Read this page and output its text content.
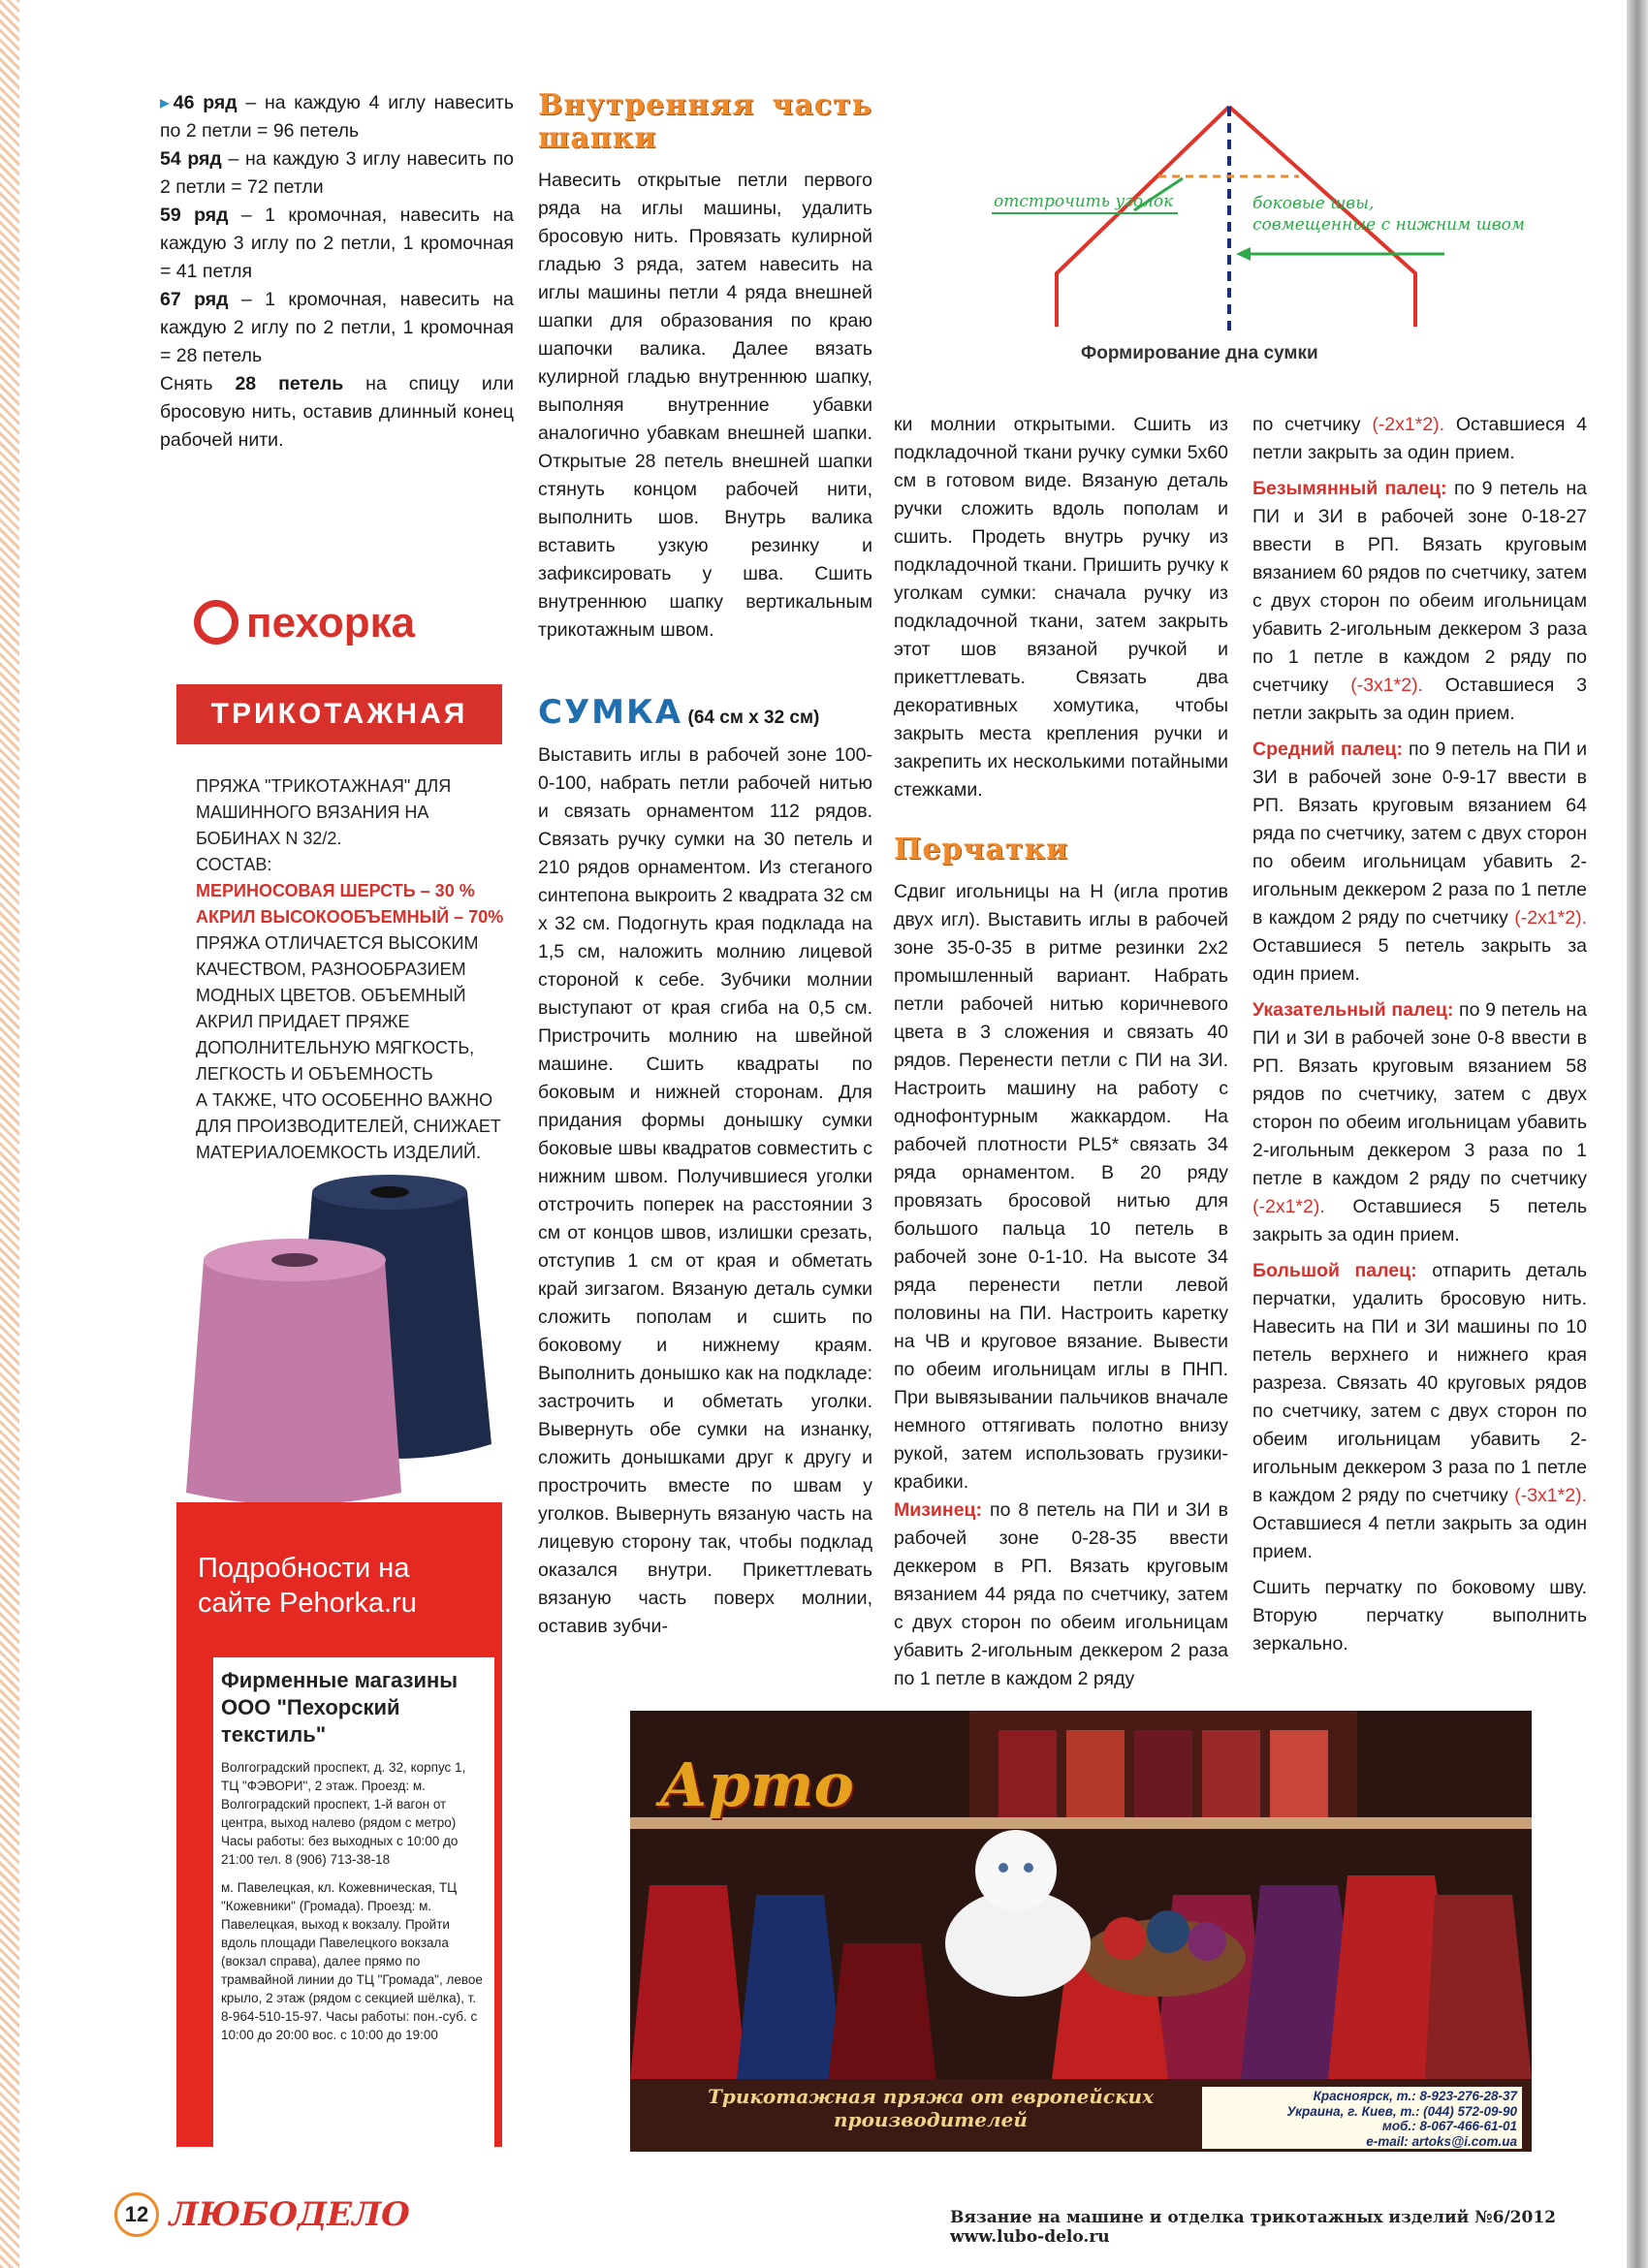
▸ 46 ряд – на каждую 4 иглу навесить по 2 петли = 96 петель

54 ряд – на каждую 3 иглу навесить по 2 петли = 72 петли

59 ряд – 1 кромочная, навесить на каждую 3 иглу по 2 петли, 1 кромочная = 41 петля

67 ряд – 1 кромочная, навесить на каждую 2 иглу по 2 петли, 1 кромочная = 28 петель

Снять 28 петель на спицу или бросовую нить, оставив длинный конец рабочей нити.

Внутренняя часть шапки

Навесить открытые петли первого ряда на иглы машины, удалить бросовую нить. Провязать кулирной гладью 3 ряда, затем навесить на иглы машины петли 4 ряда внешней шапки для образования по краю шапочки валика. Далее вязать кулирной гладью внутреннюю шапку, выполняя внутренние убавки аналогично убавкам внешней шапки. Открытые 28 петель внешней шапки стянуть концом рабочей нити, выполнить шов. Внутрь валика вставить узкую резинку и зафиксировать у шва. Сшить внутреннюю шапку вертикальным трикотажным швом.

СУМКА (64 см х 32 см)

Выставить иглы в рабочей зоне 100-0-100, набрать петли рабочей нитью и связать орнаментом 112 рядов. Связать ручку сумки на 30 петель и 210 рядов орнаментом. Из стеганого синтепона выкроить 2 квадрата 32 см х 32 см. Подогнуть края подклада на 1,5 см, наложить молнию лицевой стороной к себе. Зубчики молнии выступают от края сгиба на 0,5 см. Пристрочить молнию на швейной машине. Сшить квадраты по боковым и нижней сторонам. Для придания формы донышку сумки боковые швы квадратов совместить с нижним швом. Получившиеся уголки отстрочить поперек на расстоянии 3 см от концов швов, излишки срезать, отступив 1 см от края и обметать край зигзагом. Вязаную деталь сумки сложить пополам и сшить по боковому и нижнему краям. Выполнить донышко как на подкладе: застрочить и обметать уголки. Вывернуть обе сумки на изнанку, сложить донышками друг к другу и прострочить вместе по швам у уголков. Вывернуть вязаную часть на лицевую сторону так, чтобы подклад оказался внутри. Прикеттлевать вязаную часть поверх молнии, оставив зубчи-

отстрочить уголок	боковые швы,
совмещенные с нижним швом
Формирование дна сумки

ки молнии открытыми. Сшить из подкладочной ткани ручку сумки 5х60 см в готовом виде. Вязаную деталь ручки сложить вдоль пополам и сшить. Продеть внутрь ручку из подкладочной ткани. Пришить ручку к уголкам сумки: сначала ручку из подкладочной ткани, затем закрыть этот шов вязаной ручкой и прикеттлевать. Связать два декоративных хомутика, чтобы закрыть места крепления ручки и закрепить их несколькими потайными стежками.

Перчатки

Сдвиг игольницы на Н (игла против двух игл). Выставить иглы в рабочей зоне 35-0-35 в ритме резинки 2х2 промышленный вариант. Набрать петли рабочей нитью коричневого цвета в 3 сложения и связать 40 рядов. Перенести петли с ПИ на ЗИ. Настроить машину на работу с однофонтурным жаккардом. На рабочей плотности PL5* связать 34 ряда орнаментом. В 20 ряду провязать бросовой нитью для большого пальца 10 петель в рабочей зоне 0-1-10. На высоте 34 ряда перенести петли левой половины на ПИ. Настроить каретку на ЧВ и круговое вязание. Вывести по обеим игольницам иглы в ПНП. При вывязывании пальчиков вначале немного оттягивать полотно внизу рукой, затем использовать грузики-крабики.

Мизинец: по 8 петель на ПИ и ЗИ в рабочей зоне 0-28-35 ввести деккером в РП. Вязать круговым вязанием 44 ряда по счетчику, затем с двух сторон по обеим игольницам убавить 2-игольным деккером 2 раза по 1 петле в каждом 2 ряду

по счетчику (-2x1*2). Оставшиеся 4 петли закрыть за один прием.

Безымянный палец: по 9 петель на ПИ и ЗИ в рабочей зоне 0-18-27 ввести в РП. Вязать круговым вязанием 60 рядов по счетчику, затем с двух сторон по обеим игольницам убавить 2-игольным деккером 3 раза по 1 петле в каждом 2 ряду по счетчику (-3x1*2). Оставшиеся 3 петли закрыть за один прием.

Средний палец: по 9 петель на ПИ и ЗИ в рабочей зоне 0-9-17 ввести в РП. Вязать круговым вязанием 64 ряда по счетчику, затем с двух сторон по обеим игольницам убавить 2-игольным деккером 2 раза по 1 петле в каждом 2 ряду по счетчику (-2x1*2). Оставшиеся 5 петель закрыть за один прием.

Указательный палец: по 9 петель на ПИ и ЗИ в рабочей зоне 0-8 ввести в РП. Вязать круговым вязанием 58 рядов по счетчику, затем с двух сторон по обеим игольницам убавить 2-игольным деккером 3 раза по 1 петле в каждом 2 ряду по счетчику (-2x1*2). Оставшиеся 5 петель закрыть за один прием.

Большой палец: отпарить деталь перчатки, удалить бросовую нить. Навесить на ПИ и ЗИ машины по 10 петель верхнего и нижнего края разреза. Связать 40 круговых рядов по счетчику, затем с двух сторон по обеим игольницам убавить 2-игольным деккером 3 раза по 1 петле в каждом 2 ряду по счетчику (-3x1*2). Оставшиеся 4 петли закрыть за один прием.

Сшить перчатку по боковому шву. Вторую перчатку выполнить зеркально.

пехорка
ТРИКОТАЖНАЯ

ПРЯЖА "ТРИКОТАЖНАЯ" ДЛЯ МАШИННОГО ВЯЗАНИЯ НА БОБИНАХ N 32/2.

СОСТАВ:

МЕРИНОСОВАЯ ШЕРСТЬ – 30 %

АКРИЛ ВЫСОКООБЪЕМНЫЙ – 70%

ПРЯЖА ОТЛИЧАЕТСЯ ВЫСОКИМ КАЧЕСТВОМ, РАЗНООБРАЗИЕМ МОДНЫХ ЦВЕТОВ. ОБЪЕМНЫЙ АКРИЛ ПРИДАЕТ ПРЯЖЕ ДОПОЛНИТЕЛЬНУЮ МЯГКОСТЬ, ЛЕГКОСТЬ И ОБЪЕМНОСТЬ

А ТАКЖЕ, ЧТО ОСОБЕННО ВАЖНО ДЛЯ ПРОИЗВОДИТЕЛЕЙ, СНИЖАЕТ МАТЕРИАЛОЕМКОСТЬ ИЗДЕЛИЙ.

Подробности на сайте Pehorka.ru
Фирменные магазины ООО "Пехорский текстиль"
Волгоградский проспект, д. 32, корпус 1, ТЦ "ФЭВОРИ", 2 этаж. Проезд: м. Волгоградский проспект, 1-й вагон от центра, выход налево (рядом с метро) Часы работы: без выходных с 10:00 до 21:00 тел. 8 (906) 713-38-18
м. Павелецкая, кл. Кожевническая, ТЦ "Кожевники" (Громада). Проезд: м. Павелецкая, выход к вокзалу. Пройти вдоль площади Павелецкого вокзала (вокзал справа), далее прямо по трамвайной линии до ТЦ "Громада", левое крыло, 2 этаж (рядом с секцией шёлка), т. 8-964-510-15-97. Часы работы: пон.-суб. с 10:00 до 20:00 вос. с 10:00 до 19:00
Арто
Трикотажная пряжа от европейских производителей
Красноярск, т.: 8-923-276-28-37
Украина, г. Киев, т.: (044) 572-09-90
моб.: 8-067-466-61-01
e-mail: artoks@i.com.ua
12 ЛЮБОДЕЛО	Вязание на машине и отделка трикотажных изделий №6/2012 www.lubo-delo.ru
